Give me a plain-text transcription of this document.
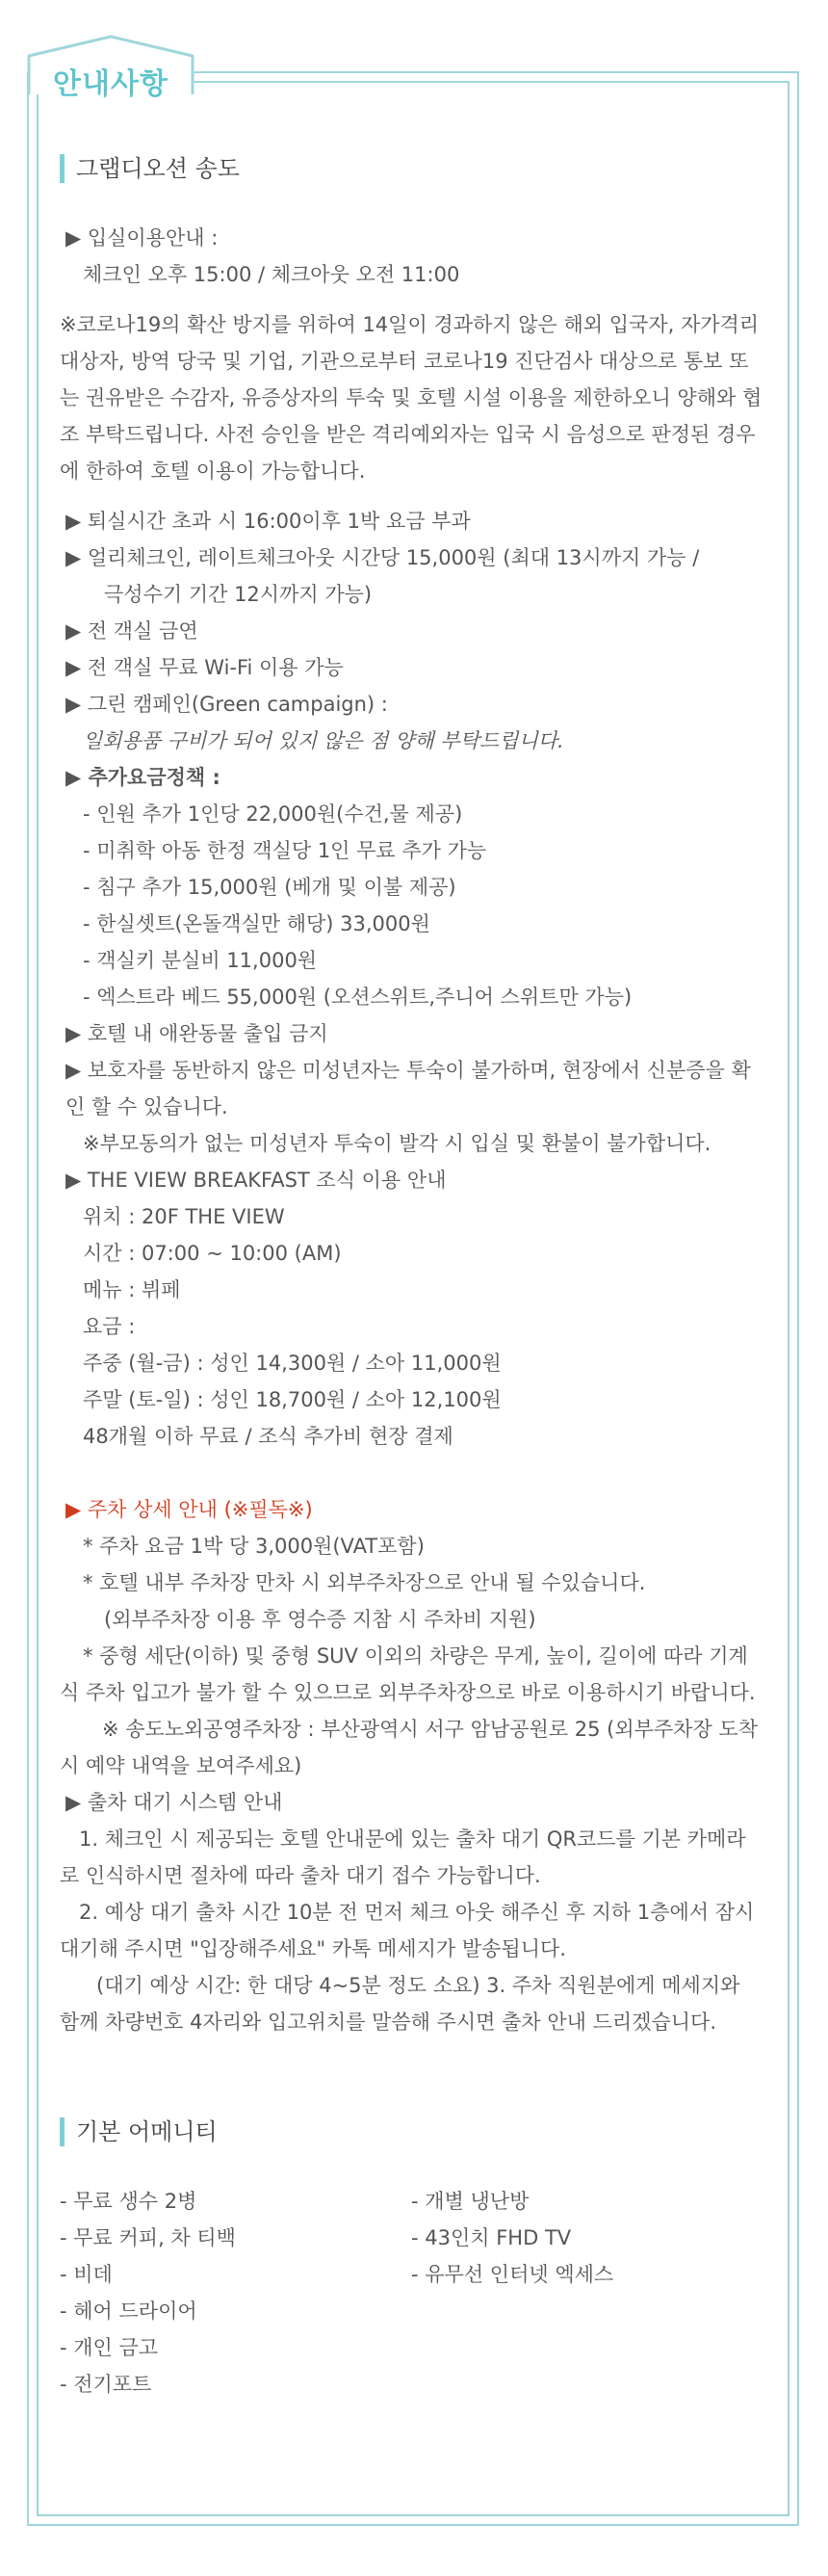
안내사항
그랩디오션 송도
▶ 입실이용안내 :
체크인 오후 15:00 / 체크아웃 오전 11:00
※코로나19의 확산 방지를 위하여 14일이 경과하지 않은 해외 입국자, 자가격리 대상자, 방역 당국 및 기업, 기관으로부터 코로나19 진단검사 대상으로 통보 또는 권유받은 수감자, 유증상자의 투숙 및 호텔 시설 이용을 제한하오니 양해와 협조 부탁드립니다. 사전 승인을 받은 격리예외자는 입국 시 음성으로 판정된 경우에 한하여 호텔 이용이 가능합니다.
▶ 퇴실시간 초과 시 16:00이후 1박 요금 부과
▶ 얼리체크인, 레이트체크아웃 시간당 15,000원 (최대 13시까지 가능 /
극성수기 기간 12시까지 가능)
▶ 전 객실 금연
▶ 전 객실 무료 Wi-Fi 이용 가능
▶ 그린 캠페인(Green campaign) :
일회용품 구비가 되어 있지 않은 점 양해 부탁드립니다.
▶ 추가요금정책 :
- 인원 추가 1인당 22,000원(수건,물 제공)
- 미취학 아동 한정 객실당 1인 무료 추가 가능
- 침구 추가 15,000원 (베개 및 이불 제공)
- 한실셋트(온돌객실만 해당) 33,000원
- 객실키 분실비 11,000원
- 엑스트라 베드 55,000원 (오션스위트,주니어 스위트만 가능)
▶ 호텔 내 애완동물 출입 금지
▶ 보호자를 동반하지 않은 미성년자는 투숙이 불가하며, 현장에서 신분증을 확인 할 수 있습니다.
※부모동의가 없는 미성년자 투숙이 발각 시 입실 및 환불이 불가합니다.
▶ THE VIEW BREAKFAST 조식 이용 안내
위치 : 20F THE VIEW
시간 : 07:00 ~ 10:00 (AM)
메뉴 : 뷔페
요금 :
주중 (월-금) : 성인 14,300원 / 소아 11,000원
주말 (토-일) : 성인 18,700원 / 소아 12,100원
48개월 이하 무료 / 조식 추가비 현장 결제
▶ 주차 상세 안내 (※필독※)
* 주차 요금 1박 당 3,000원(VAT포함)
* 호텔 내부 주차장 만차 시 외부주차장으로 안내 될 수있습니다.
(외부주차장 이용 후 영수증 지참 시 주차비 지원)
* 중형 세단(이하) 및 중형 SUV 이외의 차량은 무게, 높이, 길이에 따라 기계식 주차 입고가 불가 할 수 있으므로 외부주차장으로 바로 이용하시기 바랍니다.
※ 송도노외공영주차장 : 부산광역시 서구 암남공원로 25 (외부주차장 도착 시 예약 내역을 보여주세요)
▶ 출차 대기 시스템 안내
1. 체크인 시 제공되는 호텔 안내문에 있는 출차 대기 QR코드를 기본 카메라로 인식하시면 절차에 따라 출차 대기 접수 가능합니다.
2. 예상 대기 출차 시간 10분 전 먼저 체크 아웃 해주신 후 지하 1층에서 잠시 대기해 주시면 "입장해주세요" 카톡 메세지가 발송됩니다.
(대기 예상 시간: 한 대당 4~5분 정도 소요) 3. 주차 직원분에게 메세지와 함께 차량번호 4자리와 입고위치를 말씀해 주시면 출차 안내 드리겠습니다.
기본 어메니티
- 무료 생수 2병
- 무료 커피, 차 티백
- 비데
- 헤어 드라이어
- 개인 금고
- 전기포트
- 개별 냉난방
- 43인치 FHD TV
- 유무선 인터넷 엑세스
